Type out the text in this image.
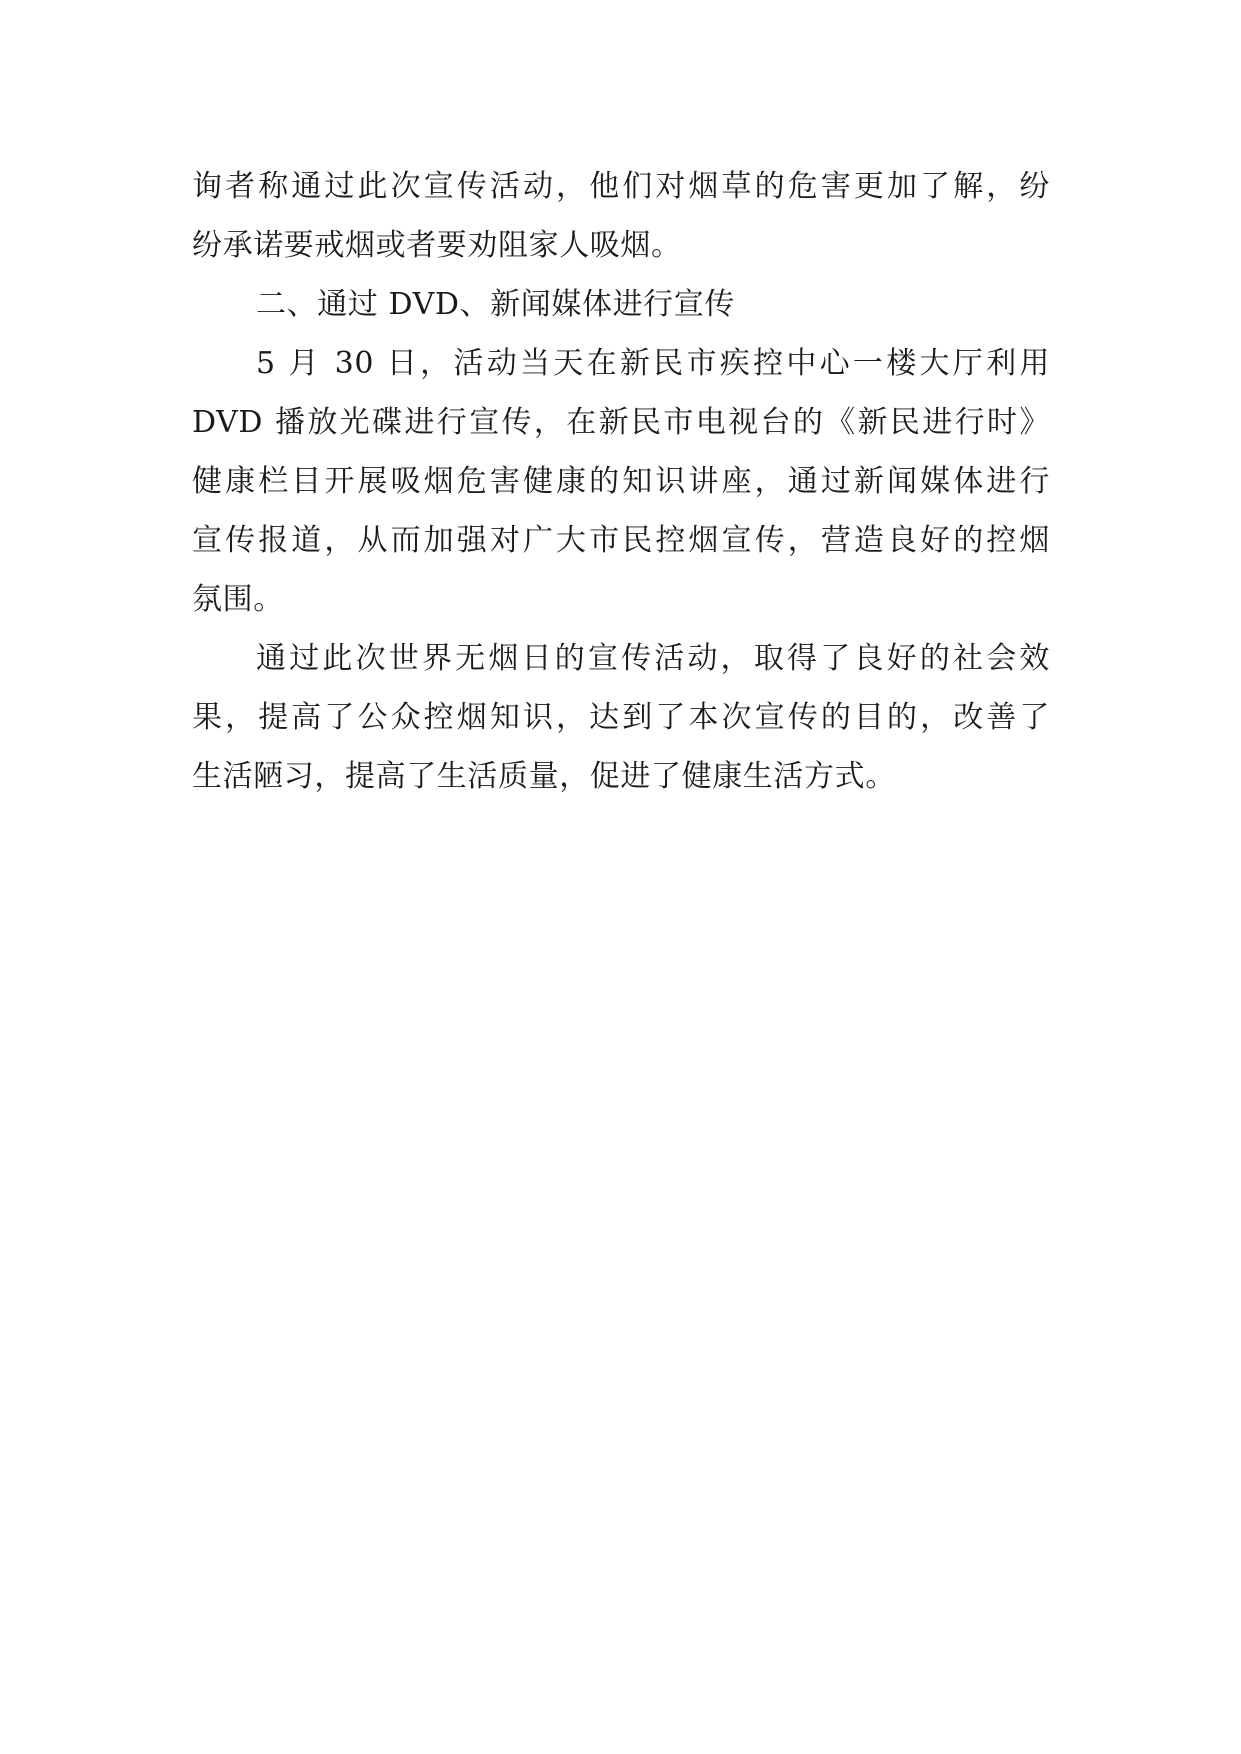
询者称通过此次宣传活动，他们对烟草的危害更加了解，纷
纷承诺要戒烟或者要劝阻家人吸烟。
二、通过 DVD、新闻媒体进行宣传
5 月 30 日，活动当天在新民市疾控中心一楼大厅利用
DVD 播放光碟进行宣传，在新民市电视台的《新民进行时》
健康栏目开展吸烟危害健康的知识讲座，通过新闻媒体进行
宣传报道，从而加强对广大市民控烟宣传，营造良好的控烟
氛围。
通过此次世界无烟日的宣传活动，取得了良好的社会效
果，提高了公众控烟知识，达到了本次宣传的目的，改善了
生活陋习，提高了生活质量，促进了健康生活方式。
